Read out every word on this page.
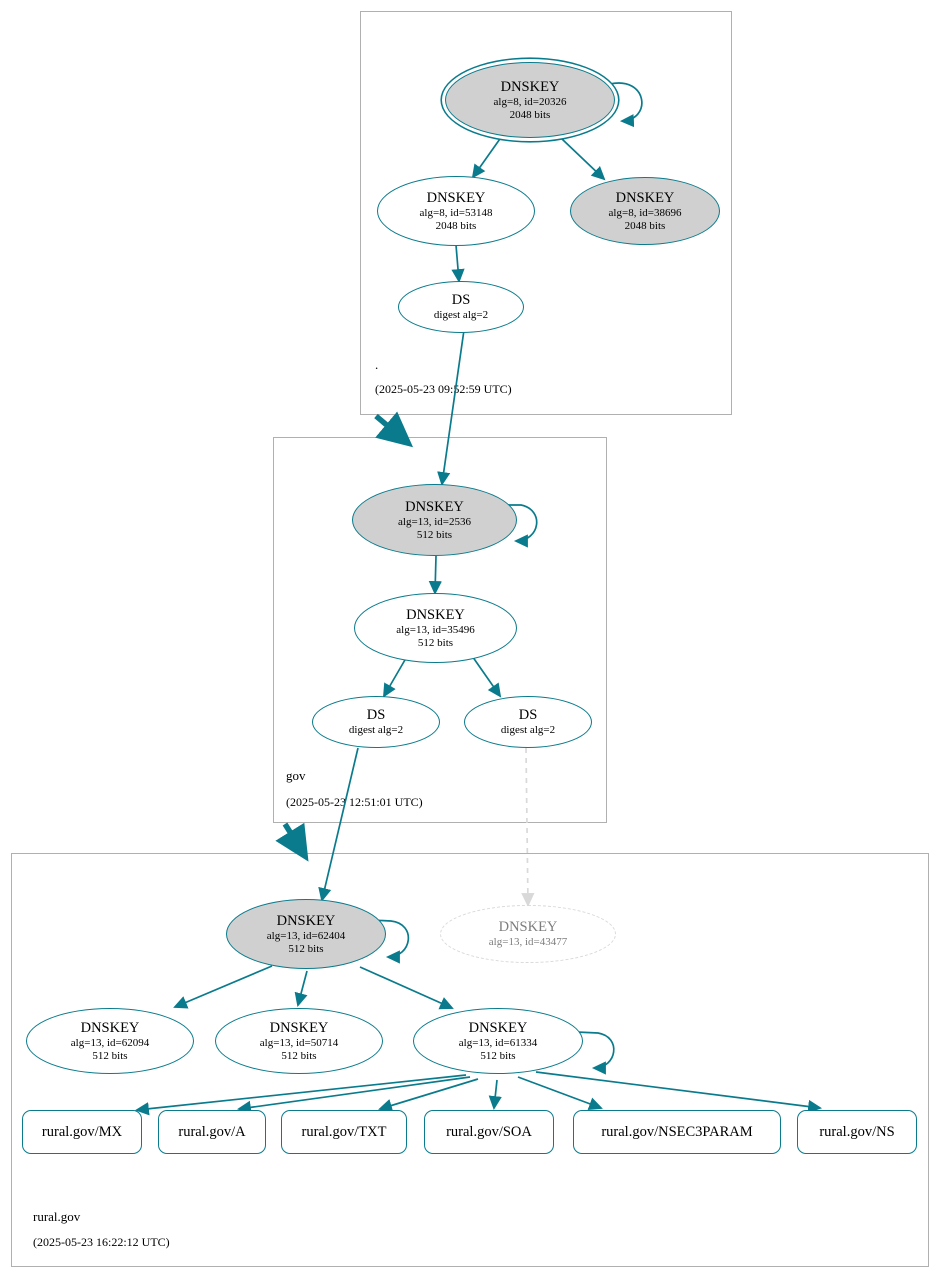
.
(2025-05-23 09:52:59 UTC)
gov
(2025-05-23 12:51:01 UTC)
rural.gov
(2025-05-23 16:22:12 UTC)
DNSKEY
alg=8, id=20326
2048 bits
DNSKEY
alg=8, id=53148
2048 bits
DNSKEY
alg=8, id=38696
2048 bits
DS
digest alg=2
DNSKEY
alg=13, id=2536
512 bits
DNSKEY
alg=13, id=35496
512 bits
DS
digest alg=2
DS
digest alg=2
DNSKEY
alg=13, id=62404
512 bits
DNSKEY
alg=13, id=43477
DNSKEY
alg=13, id=62094
512 bits
DNSKEY
alg=13, id=50714
512 bits
DNSKEY
alg=13, id=61334
512 bits
rural.gov/MX	rural.gov/A	rural.gov/TXT	rural.gov/SOA	rural.gov/NSEC3PARAM	rural.gov/NS
